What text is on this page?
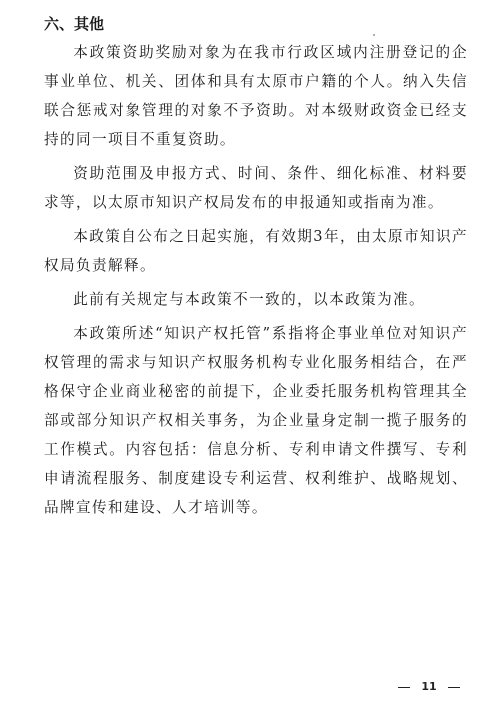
六、其他

本政策资助奖励对象为在我市行政区域内注册登记的企事业单位、机关、团体和具有太原市户籍的个人。纳入失信联合惩戒对象管理的对象不予资助。对本级财政资金已经支持的同一项目不重复资助。

资助范围及申报方式、时间、条件、细化标准、材料要求等，以太原市知识产权局发布的申报通知或指南为准。

本政策自公布之日起实施，有效期3年，由太原市知识产权局负责解释。

此前有关规定与本政策不一致的，以本政策为准。

本政策所述“知识产权托管”系指将企事业单位对知识产权管理的需求与知识产权服务机构专业化服务相结合，在严格保守企业商业秘密的前提下，企业委托服务机构管理其全部或部分知识产权相关事务，为企业量身定制一揽子服务的工作模式。内容包括：信息分析、专利申请文件撰写、专利申请流程服务、制度建设专利运营、权利维护、战略规划、品牌宣传和建设、人才培训等。

11
